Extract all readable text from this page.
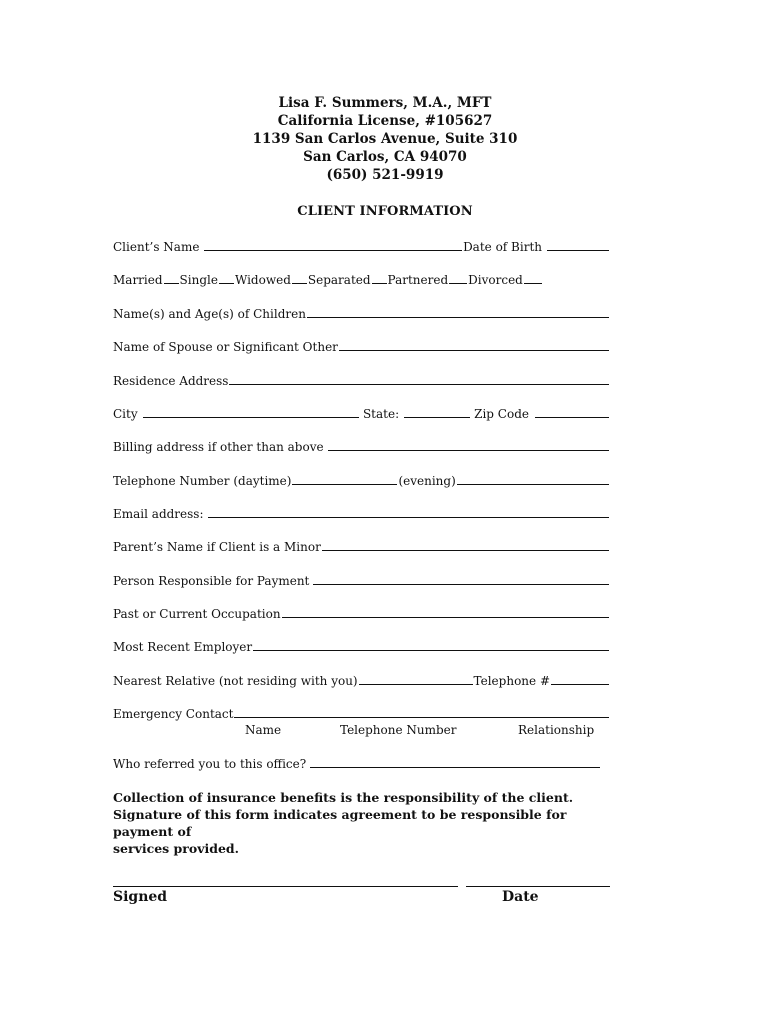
Lisa F. Summers, M.A., MFT
California License, #105627
1139 San Carlos Avenue, Suite 310
San Carlos, CA 94070
(650) 521-9919
CLIENT INFORMATION
Client’s Name	Date of Birth
Married Single Widowed Separated Partnered Divorced
Name(s) and Age(s) of Children
Name of Spouse or Significant Other
Residence Address
City	State:	Zip Code
Billing address if other than above
Telephone Number (daytime)	(evening)
Email address:
Parent’s Name if Client is a Minor
Person Responsible for Payment
Past or Current Occupation
Most Recent Employer
Nearest Relative (not residing with you)	Telephone #
Emergency Contact
Name	Telephone Number	Relationship
Who referred you to this office?
Collection of insurance benefits is the responsibility of the client.
Signature of this form indicates agreement to be responsible for payment of
services provided.
Signed	Date
